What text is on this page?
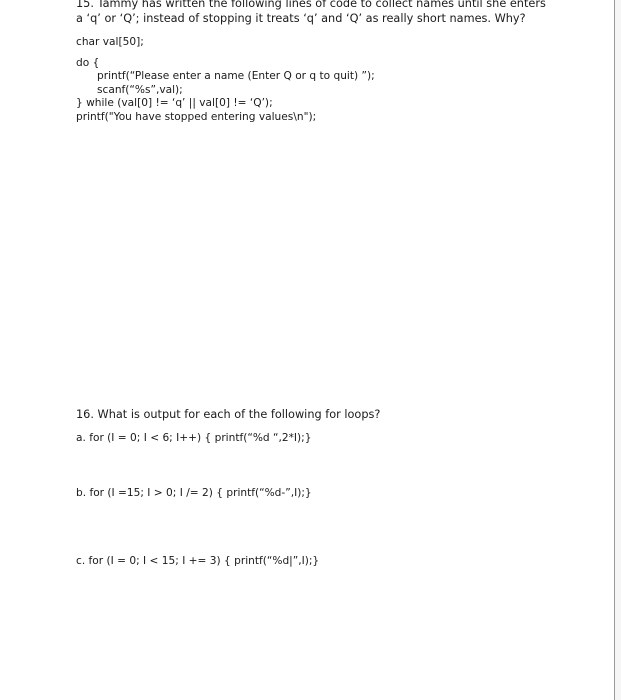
15. Tammy has written the following lines of code to collect names until she enters
a ‘q’ or ‘Q’; instead of stopping it treats ‘q’ and ‘Q’ as really short names. Why?
char val[50];
do {
printf(“Please enter a name (Enter Q or q to quit) ”);
scanf(“%s”,val);
} while (val[0] != ‘q’ || val[0] != ‘Q’);
printf("You have stopped entering values\n");
16. What is output for each of the following for loops?
a. for (I = 0; I < 6; I++) { printf(“%d “,2*I);}
b. for (I =15; I > 0; I /= 2) { printf(“%d-”,I);}
c. for (I = 0; I < 15; I += 3) { printf(“%d|”,I);}
